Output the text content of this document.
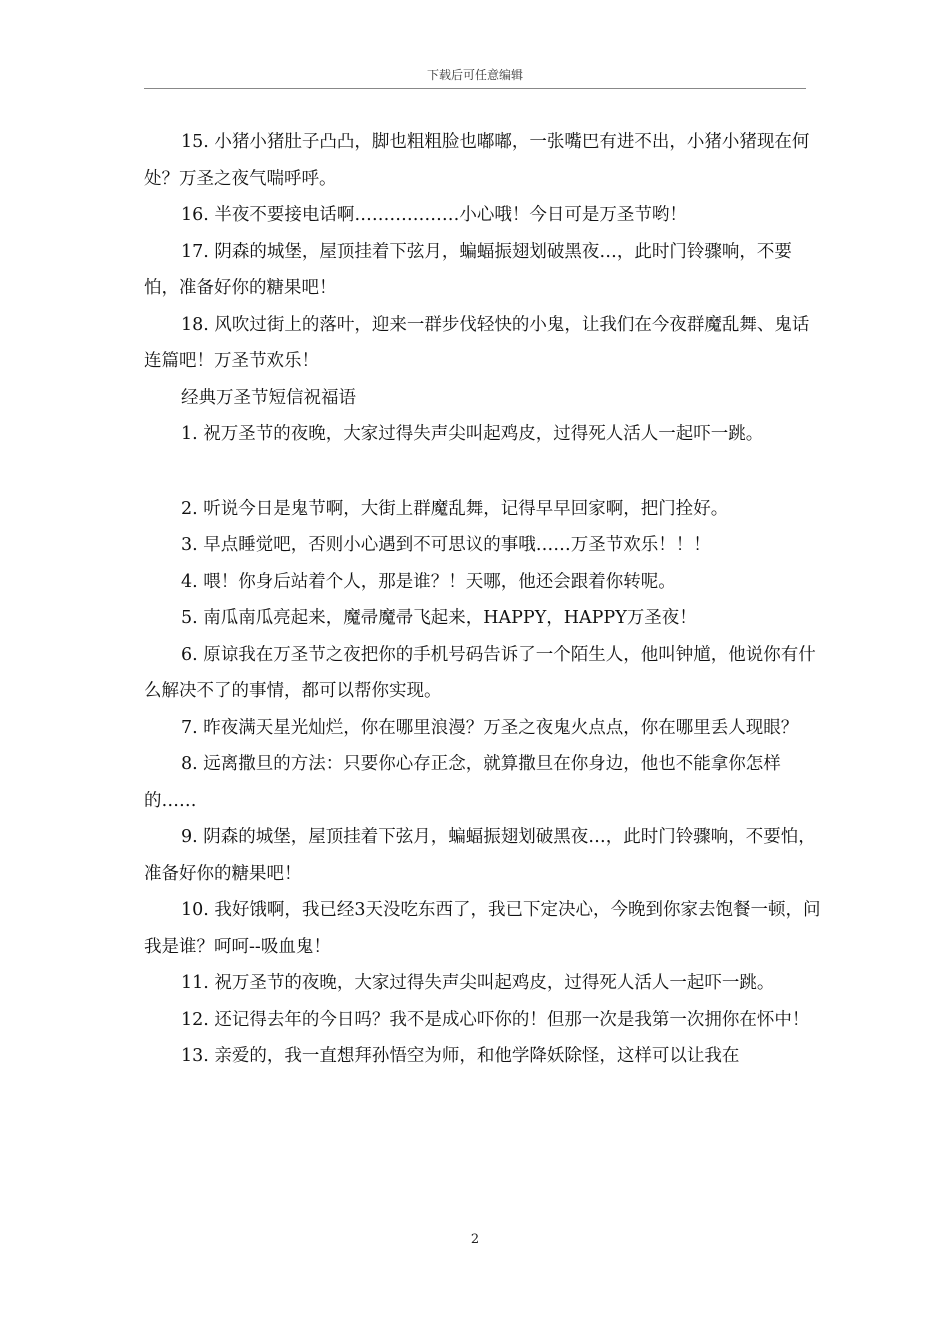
下载后可任意编辑

15. 小猪小猪肚子凸凸，脚也粗粗脸也嘟嘟，一张嘴巴有进不出，小猪小猪现在何处？万圣之夜气喘呼呼。

16. 半夜不要接电话啊………………小心哦！今日可是万圣节哟！

17. 阴森的城堡，屋顶挂着下弦月，蝙蝠振翅划破黑夜…，此时门铃骤响，不要怕，准备好你的糖果吧！

18. 风吹过街上的落叶，迎来一群步伐轻快的小鬼，让我们在今夜群魔乱舞、鬼话连篇吧！万圣节欢乐！

经典万圣节短信祝福语

1. 祝万圣节的夜晚，大家过得失声尖叫起鸡皮，过得死人活人一起吓一跳。

2. 听说今日是鬼节啊，大街上群魔乱舞，记得早早回家啊，把门拴好。

3. 早点睡觉吧，否则小心遇到不可思议的事哦……万圣节欢乐！！！

4. 喂！你身后站着个人，那是谁？！天哪，他还会跟着你转呢。

5. 南瓜南瓜亮起来，魔帚魔帚飞起来，HAPPY，HAPPY万圣夜！

6. 原谅我在万圣节之夜把你的手机号码告诉了一个陌生人，他叫钟馗，他说你有什么解决不了的事情，都可以帮你实现。

7. 昨夜满天星光灿烂，你在哪里浪漫？万圣之夜鬼火点点，你在哪里丢人现眼？

8. 远离撒旦的方法：只要你心存正念，就算撒旦在你身边，他也不能拿你怎样的……

9. 阴森的城堡，屋顶挂着下弦月，蝙蝠振翅划破黑夜…，此时门铃骤响，不要怕，准备好你的糖果吧！

10. 我好饿啊，我已经3天没吃东西了，我已下定决心，今晚到你家去饱餐一顿，问我是谁？呵呵--吸血鬼！

11. 祝万圣节的夜晚，大家过得失声尖叫起鸡皮，过得死人活人一起吓一跳。

12. 还记得去年的今日吗？我不是成心吓你的！但那一次是我第一次拥你在怀中！

13. 亲爱的，我一直想拜孙悟空为师，和他学降妖除怪，这样可以让我在

2
